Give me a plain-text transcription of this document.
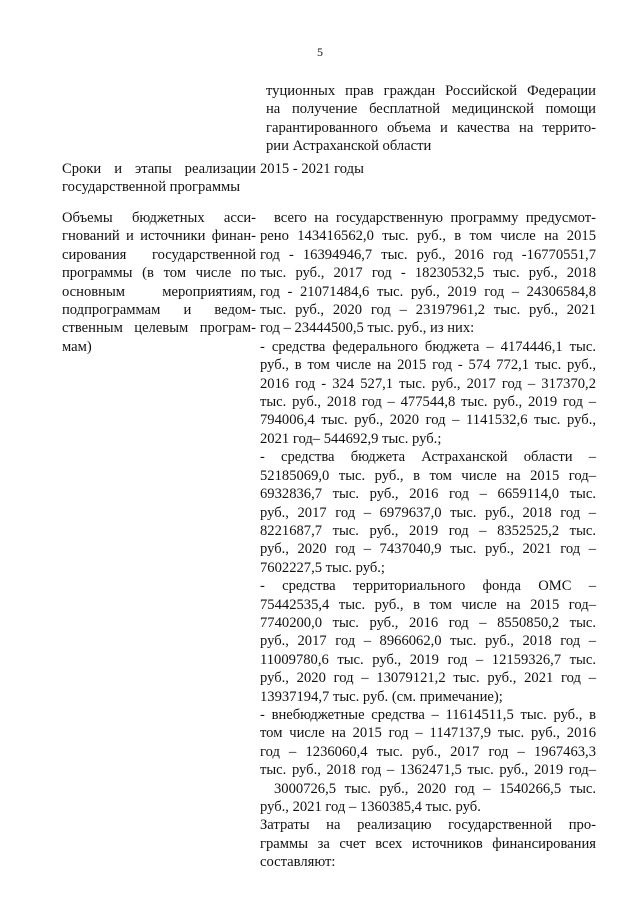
5
туционных прав граждан Российской Федерации
на получение бесплатной медицинской помощи
гарантированного объема и качества на террито-
рии Астраханской области
Сроки и этапы реализации
государственной программы
2015 - 2021 годы
Объемы бюджетных асси-
гнований и источники финан-
сирования государственной
программы (в том числе по
основным мероприятиям,
подпрограммам и ведом-
ственным целевым програм-
мам)
всего на государственную программу предусмот-
рено 143416562,0 тыс. руб., в том числе на 2015
год - 16394946,7 тыс. руб., 2016 год -16770551,7
тыс. руб., 2017 год - 18230532,5 тыс. руб., 2018
год - 21071484,6 тыс. руб., 2019 год – 24306584,8
тыс. руб., 2020 год – 23197961,2 тыс. руб., 2021
год – 23444500,5 тыс. руб., из них:
- средства федерального бюджета – 4174446,1 тыс.
руб., в том числе на 2015 год - 574 772,1 тыс. руб.,
2016 год - 324 527,1 тыс. руб., 2017 год – 317370,2
тыс. руб., 2018 год – 477544,8 тыс. руб., 2019 год –
794006,4 тыс. руб., 2020 год – 1141532,6 тыс. руб.,
2021 год– 544692,9 тыс. руб.;
- средства бюджета Астраханской области –
52185069,0 тыс. руб., в том числе на 2015 год–
6932836,7 тыс. руб., 2016 год – 6659114,0 тыс.
руб., 2017 год – 6979637,0 тыс. руб., 2018 год –
8221687,7 тыс. руб., 2019 год – 8352525,2 тыс.
руб., 2020 год – 7437040,9 тыс. руб., 2021 год –
7602227,5 тыс. руб.;
- средства территориального фонда ОМС –
75442535,4 тыс. руб., в том числе на 2015 год–
7740200,0 тыс. руб., 2016 год – 8550850,2 тыс.
руб., 2017 год – 8966062,0 тыс. руб., 2018 год –
11009780,6 тыс. руб., 2019 год – 12159326,7 тыс.
руб., 2020 год – 13079121,2 тыс. руб., 2021 год –
13937194,7 тыс. руб. (см. примечание);
- внебюджетные средства – 11614511,5 тыс. руб., в
том числе на 2015 год – 1147137,9 тыс. руб., 2016
год – 1236060,4 тыс. руб., 2017 год – 1967463,3
тыс. руб., 2018 год – 1362471,5 тыс. руб., 2019 год–
3000726,5 тыс. руб., 2020 год – 1540266,5 тыс.
руб., 2021 год – 1360385,4 тыс. руб.
Затраты на реализацию государственной про-
граммы за счет всех источников финансирования
составляют:
